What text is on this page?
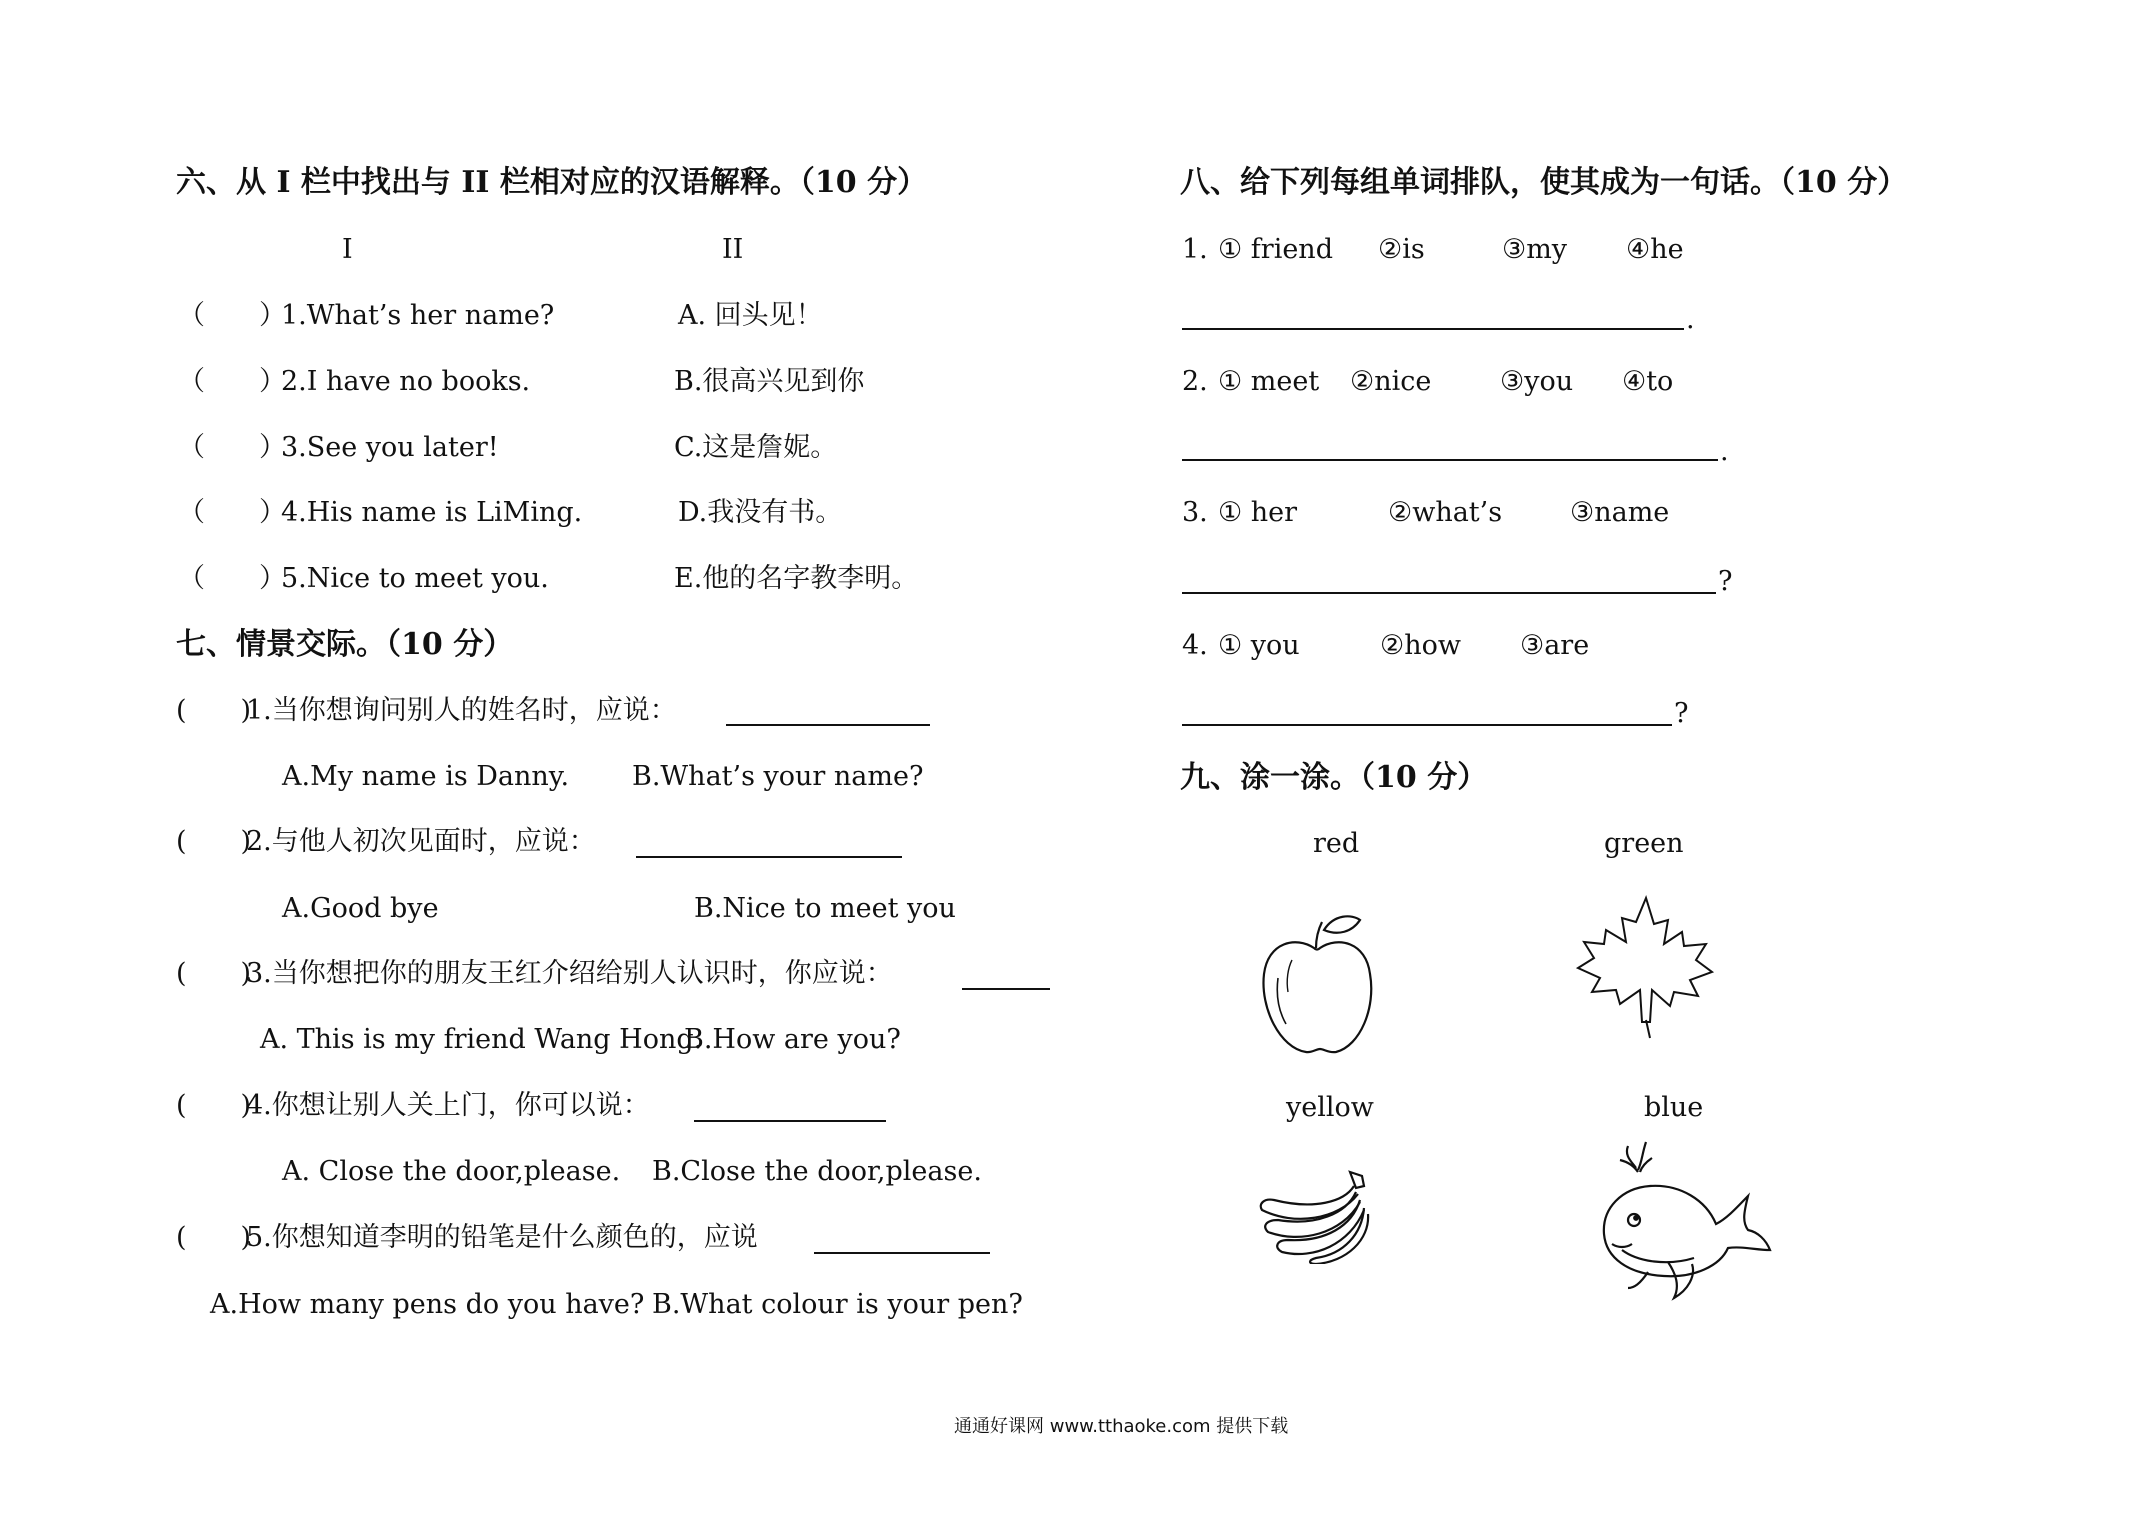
六、从 I 栏中找出与 II 栏相对应的汉语解释。（10 分）
I	II
（　　）
1.What’s her name?	A. 回头见！
（　　）
2.I have no books.	B.很高兴见到你
（　　）
3.See you later!	C.这是詹妮。
（　　）
4.His name is LiMing.	D.我没有书。
（　　）
5.Nice to meet you.	E.他的名字教李明。
七、情景交际。（10 分）
(　　)
1.当你想询问别人的姓名时，应说：
A.My name is Danny. B.What’s your name?
(　　)
2.与他人初次见面时，应说：
A.Good bye	B.Nice to meet you
(　　)
3.当你想把你的朋友王红介绍给别人认识时，你应说：
A. This is my friend Wang Hong.
B.How are you?
(　　)
4.你想让别人关上门，你可以说：
A. Close the door,please. B.Close the door,please.
(　　)
5.你想知道李明的铅笔是什么颜色的，应说
A.How many pens do you have? B.What colour is your pen?
八、给下列每组单词排队，使其成为一句话。（10 分）
1. ① friend ②is	③my ④he
.
2. ① meet ②nice	③you ④to
.
3. ① her	②what’s	③name
?
4. ① you	②how ③are
?
九、涂一涂。（10 分）
red	green
yellow	blue
通通好课网 www.tthaoke.com 提供下载
